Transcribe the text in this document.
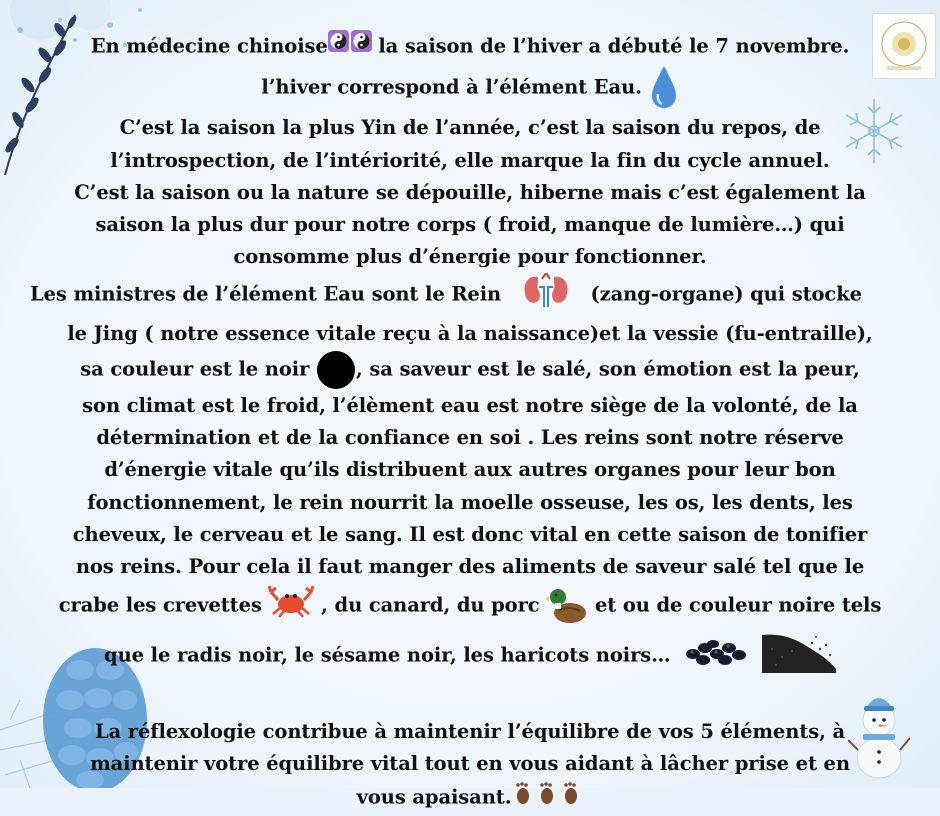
En médecine chinoise la saison de l’hiver a débuté le 7 novembre.
l’hiver correspond à l’élément Eau.
C’est la saison la plus Yin de l’année, c’est la saison du repos, de
l’introspection, de l’intériorité, elle marque la fin du cycle annuel.
C’est la saison ou la nature se dépouille, hiberne mais c’est également la
saison la plus dur pour notre corps ( froid, manque de lumière…) qui
consomme plus d’énergie pour fonctionner.
Les ministres de l’élément Eau sont le Rein	(zang-organe) qui stocke
le Jing ( notre essence vitale reçu à la naissance)et la vessie (fu-entraille),
sa couleur est le noir , sa saveur est le salé, son émotion est la peur,
son climat est le froid, l’élèment eau est notre siège de la volonté, de la
détermination et de la confiance en soi . Les reins sont notre réserve
d’énergie vitale qu’ils distribuent aux autres organes pour leur bon
fonctionnement, le rein nourrit la moelle osseuse, les os, les dents, les
cheveux, le cerveau et le sang. Il est donc vital en cette saison de tonifier
nos reins. Pour cela il faut manger des aliments de saveur salé tel que le
crabe les crevettes	, du canard, du porc  et ou de couleur noire tels
que le radis noir, le sésame noir, les haricots noirs…
La réflexologie contribue à maintenir l’équilibre de vos 5 éléments, à
maintenir votre équilibre vital tout en vous aidant à lâcher prise et en
vous apaisant.
